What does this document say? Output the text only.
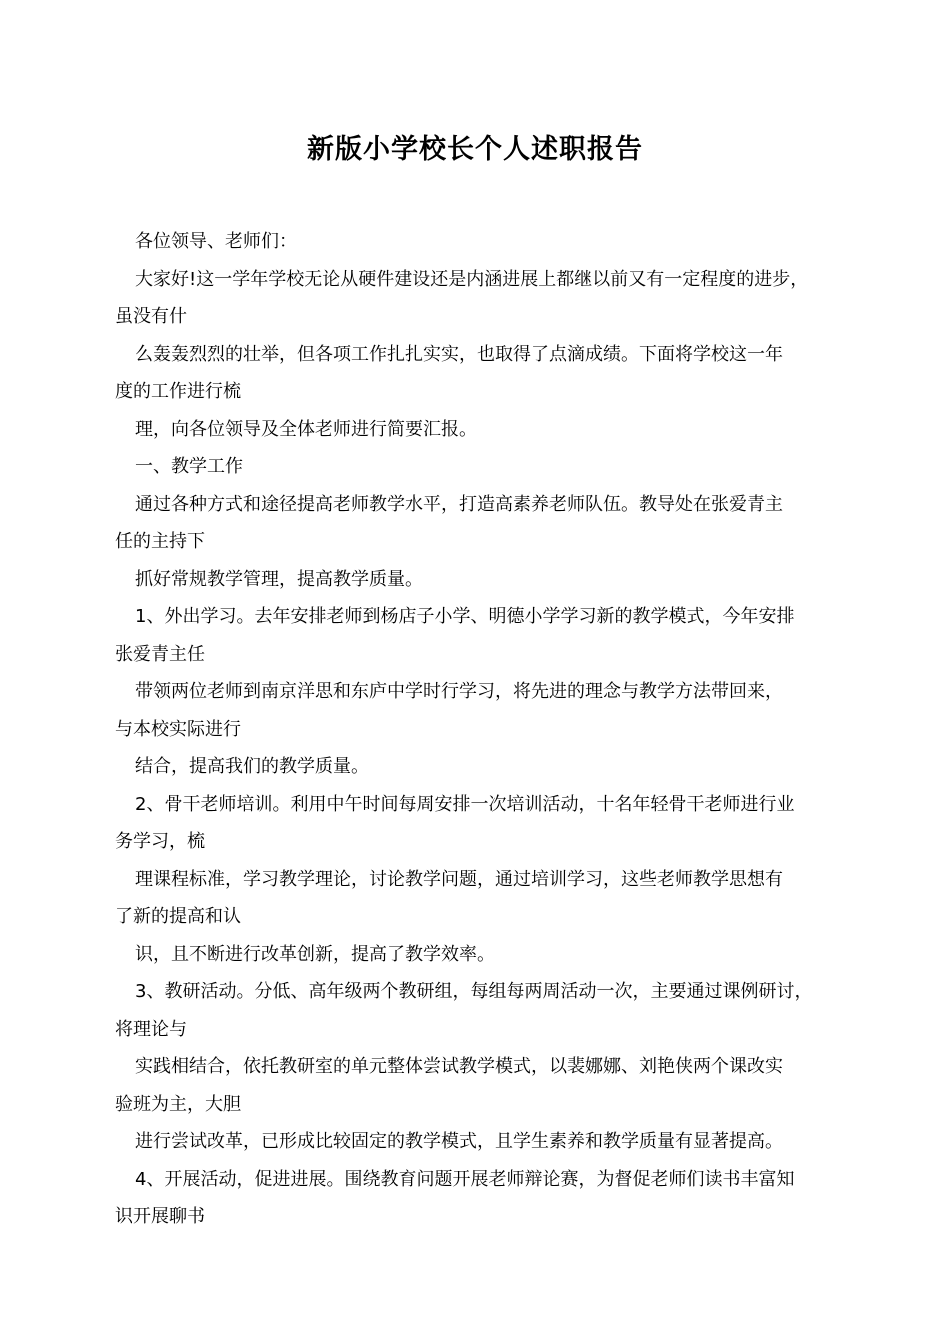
新版小学校长个人述职报告
各位领导、老师们：
大家好!这一学年学校无论从硬件建设还是内涵进展上都继以前又有一定程度的进步，
虽没有什
么轰轰烈烈的壮举，但各项工作扎扎实实，也取得了点滴成绩。下面将学校这一年
度的工作进行梳
理，向各位领导及全体老师进行简要汇报。
一、教学工作
通过各种方式和途径提高老师教学水平，打造高素养老师队伍。教导处在张爱青主
任的主持下
抓好常规教学管理，提高教学质量。
1、外出学习。去年安排老师到杨店子小学、明德小学学习新的教学模式，今年安排
张爱青主任
带领两位老师到南京洋思和东庐中学时行学习，将先进的理念与教学方法带回来，
与本校实际进行
结合，提高我们的教学质量。
2、骨干老师培训。利用中午时间每周安排一次培训活动，十名年轻骨干老师进行业
务学习，梳
理课程标准，学习教学理论，讨论教学问题，通过培训学习，这些老师教学思想有
了新的提高和认
识，且不断进行改革创新，提高了教学效率。
3、教研活动。分低、高年级两个教研组，每组每两周活动一次，主要通过课例研讨，
将理论与
实践相结合，依托教研室的单元整体尝试教学模式，以裴娜娜、刘艳侠两个课改实
验班为主，大胆
进行尝试改革，已形成比较固定的教学模式，且学生素养和教学质量有显著提高。
4、开展活动，促进进展。围绕教育问题开展老师辩论赛，为督促老师们读书丰富知
识开展聊书
